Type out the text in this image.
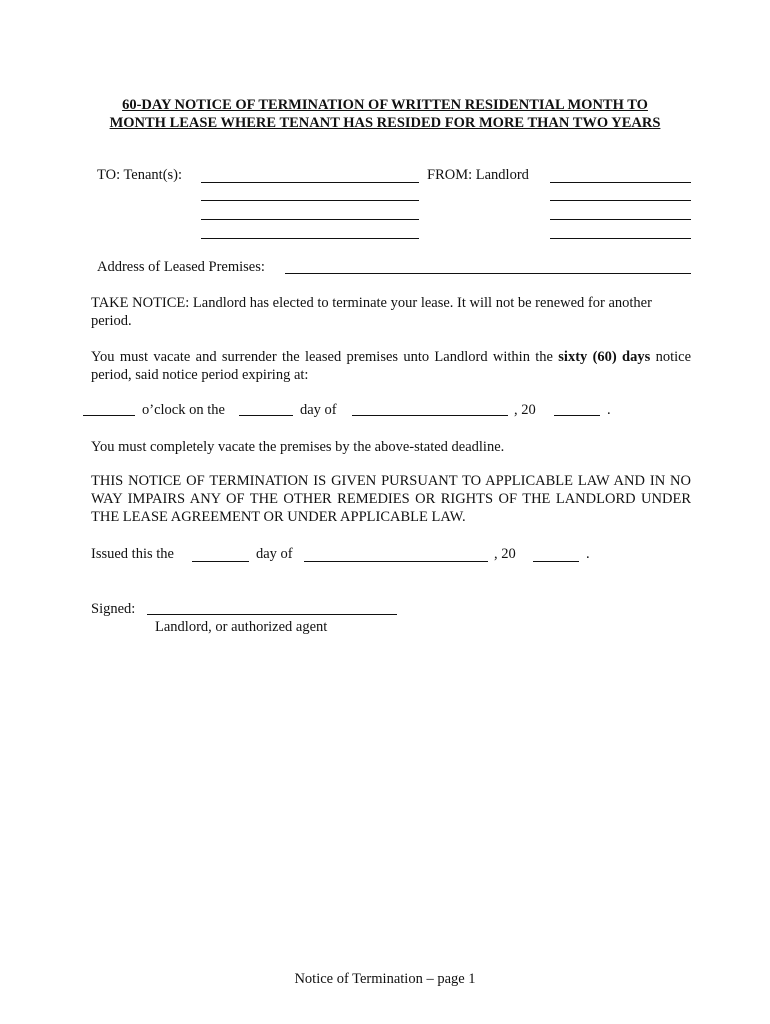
60-DAY NOTICE OF TERMINATION OF WRITTEN RESIDENTIAL MONTH TO
MONTH LEASE WHERE TENANT HAS RESIDED FOR MORE THAN TWO YEARS
TO: Tenant(s):	FROM: Landlord
Address of Leased Premises:
TAKE NOTICE: Landlord has elected to terminate your lease. It will not be renewed for another period.
You must vacate and surrender the leased premises unto Landlord within the sixty (60) days notice period, said notice period expiring at:
o’clock on the	day of	, 20	.
You must completely vacate the premises by the above-stated deadline.
THIS NOTICE OF TERMINATION IS GIVEN PURSUANT TO APPLICABLE LAW AND IN NO WAY IMPAIRS ANY OF THE OTHER REMEDIES OR RIGHTS OF THE LANDLORD UNDER THE LEASE AGREEMENT OR UNDER APPLICABLE LAW.
Issued this the	day of	, 20	.
Signed:
Landlord, or authorized agent
Notice of Termination – page 1
